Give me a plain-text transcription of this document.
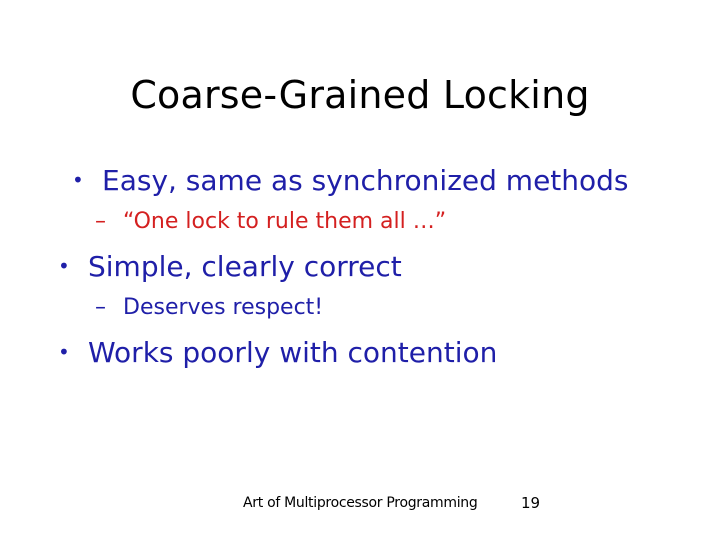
Coarse-Grained Locking
• Easy, same as synchronized methods
– “One lock to rule them all …”
• Simple, clearly correct
– Deserves respect!
• Works poorly with contention
Art of Multiprocessor Programming	19
